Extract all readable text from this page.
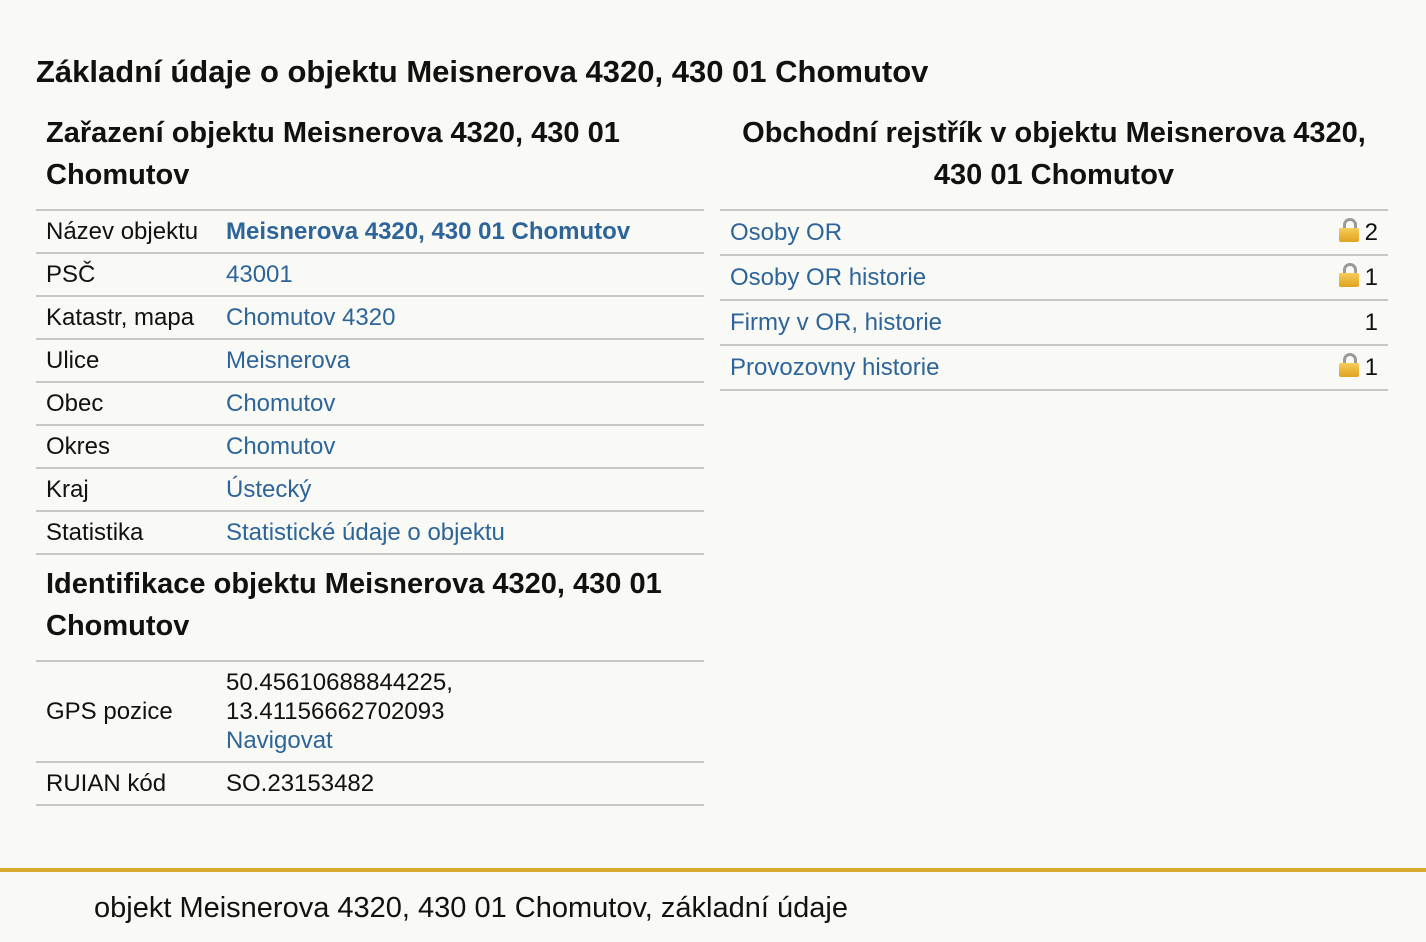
Základní údaje o objektu Meisnerova 4320, 430 01 Chomutov
Zařazení objektu Meisnerova 4320, 430 01 Chomutov
Název objektu	Meisnerova 4320, 430 01 Chomutov
PSČ	43001
Katastr, mapa	Chomutov 4320
Ulice	Meisnerova
Obec	Chomutov
Okres	Chomutov
Kraj	Ústecký
Statistika	Statistické údaje o objektu
Identifikace objektu Meisnerova 4320, 430 01 Chomutov
GPS pozice	50.45610688844225,
13.41156662702093
Navigovat

RUIAN kód	SO.23153482
Obchodní rejstřík v objektu Meisnerova 4320, 430 01 Chomutov
Osoby OR	2
Osoby OR historie	1
Firmy v OR, historie	1
Provozovny historie	1
objekt Meisnerova 4320, 430 01 Chomutov, základní údaje
